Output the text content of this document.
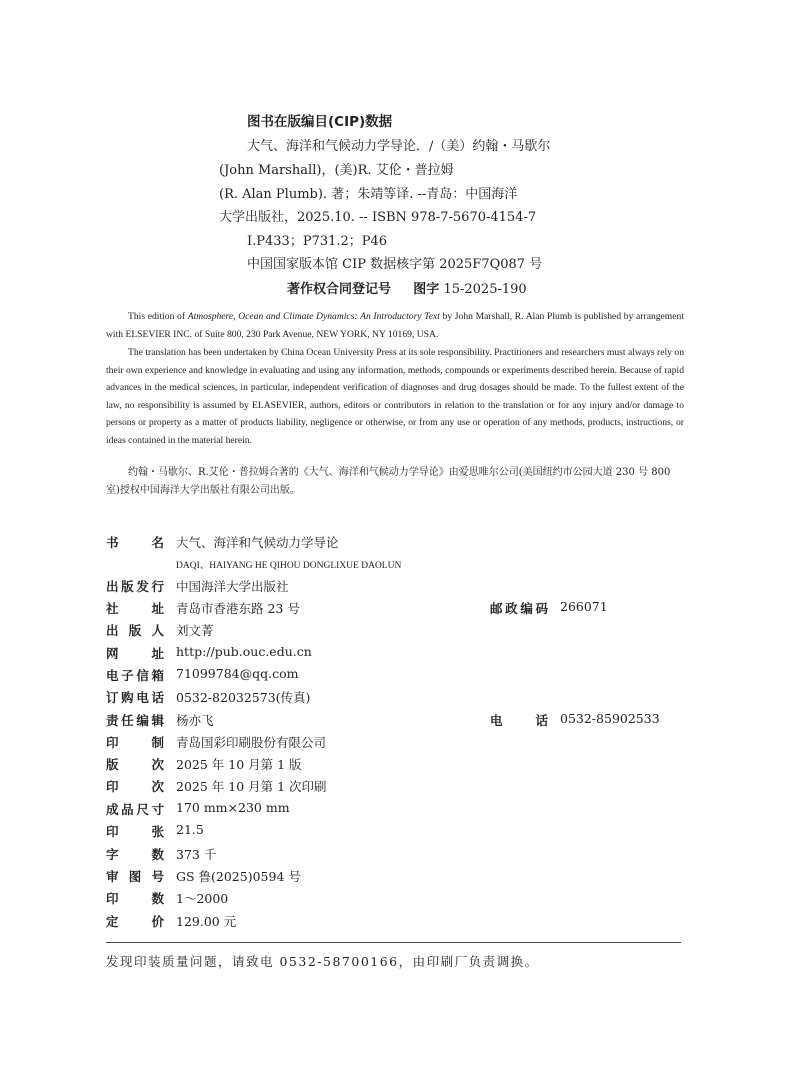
图书在版编目(CIP)数据
大气、海洋和气候动力学导论．/（美）约翰・马歇尔
(John Marshall)，(美)R. 艾伦・普拉姆
(R. Alan Plumb). 著；朱靖等译. --青岛：中国海洋
大学出版社，2025.10. -- ISBN 978-7-5670-4154-7
Ⅰ.P433；P731.2；P46
中国国家版本馆 CIP 数据核字第 2025F7Q087 号
著作权合同登记号 图字 15-2025-190
This edition of Atmosphere, Ocean and Climate Dynamics: An Introductory Text by John Marshall, R. Alan Plumb is published by arrangement with ELSEVIER INC. of Suite 800, 230 Park Avenue, NEW YORK, NY 10169, USA.
The translation has been undertaken by China Ocean University Press at its sole responsibility. Practitioners and researchers must always rely on their own experience and knowledge in evaluating and using any information, methods, compounds or experiments described herein. Because of rapid advances in the medical sciences, in particular, independent verification of diagnoses and drug dosages should be made. To the fullest extent of the law, no responsibility is assumed by ELASEVIER, authors, editors or contributors in relation to the translation or for any injury and/or damage to persons or property as a matter of products liability, negligence or otherwise, or from any use or operation of any methods, products, instructions, or ideas contained in the material herein.
约翰・马歇尔、R.艾伦・普拉姆合著的《大气、海洋和气候动力学导论》由爱思唯尔公司(美国纽约市公园大道 230 号 800 室)授权中国海洋大学出版社有限公司出版。
书　　名 大气、海洋和气候动力学导论
DAQI、HAIYANG HE QIHOU DONGLIXUE DAOLUN
出版发行 中国海洋大学出版社
社　　址 青岛市香港东路 23 号	邮政编码 266071
出 版 人 刘文菁
网　　址 http://pub.ouc.edu.cn
电子信箱 71099784@qq.com
订购电话 0532-82032573(传真)
责任编辑 杨亦飞	电　　话 0532-85902533
印　　制 青岛国彩印刷股份有限公司
版　　次 2025 年 10 月第 1 版
印　　次 2025 年 10 月第 1 次印刷
成品尺寸 170 mm×230 mm
印　　张 21.5
字　　数 373 千
审 图 号 GS 鲁(2025)0594 号
印　　数 1～2000
定　　价 129.00 元
发现印装质量问题，请致电 0532-58700166，由印刷厂负责调换。
